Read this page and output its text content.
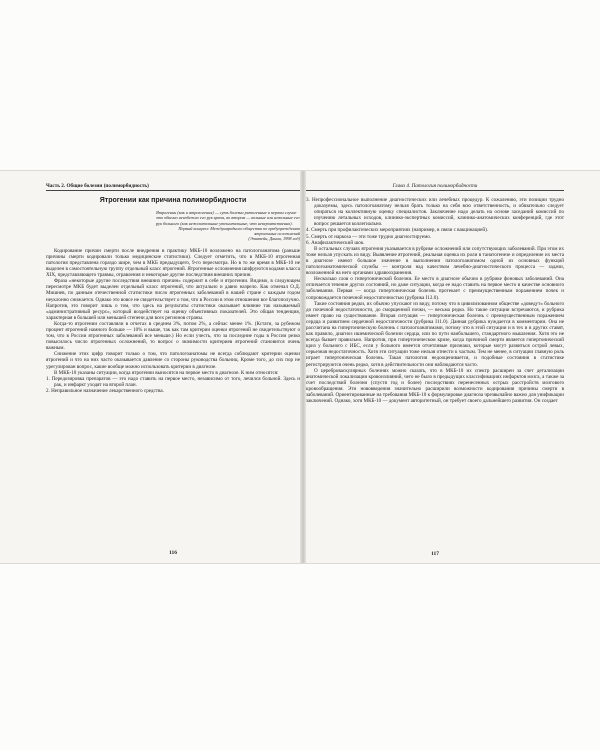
Часть 2. Общие болезни (полиморбидность)
Ятрогении как причина полиморбидности
Ятрогении (как и ятрологения) — суть болезни ритогенные в первом случае это обычно неизбежно его рук врача, во втором — вольные или невольные его рук больного (как нежелательные утешительные, что невероятственно).
Первый конгресс Международного общества по предупреждению ятрогенных осложнений
(Эпштейн, Дании, 1998 год)

Кодирование причин смерти после внедрения в практику МКБ-10 возложено на патологоанатома (раньше причины смерти кодировали только медицинские статистики). Следует отметить, что в МКБ-10 ятрогенная патология представлена гораздо шире, чем в МКБ предыдущего, 9-го пересмотра. Но в то же время в МКБ-10 не выделен в самостоятельную группу отдельный класс ятрогений. Ятрогенные осложнения шифруются кодами класса XIX, представляющего травмы, отравления и некоторые другие последствия внешних причин.

Фраза «некоторые другие последствия внешних причин» содержит в себе и ятрогении. Видимо, в следующем пересмотре МКБ будет выделен отдельный класс ятрогений, что актуально и давно назрело. Как отмечал О.Д. Мишнев, по данным отечественной статистики число ятрогенных заболеваний в нашей стране с каждым годом неуклонно снижается. Однако это вовсе не свидетельствует о том, что в России в этом отношении все благополучно. Напротив, это говорит лишь о том, что здесь на результаты статистики оказывает влияние так называемый «административный ресурс», который воздействует на оценку объективных показателей. Это общая тенденция, характерная в большей или меньшей степени для всех регионов страны.

Когда-то ятрогении составляли в отчетах в среднем 3%, потом 2%, а сейчас менее 1%. (Кстати, за рубежом процент ятрогений намного больше — 10% и выше, так как там критерии оценки ятрогений не свидетельствуют о том, что в России ятрогенных заболеваний все меньше.) Но если учесть, что за последние годы в России резко повысилось число ятрогенных осложнений, то вопрос о значимости критериев ятрогений становится очень важным.

Снижение этих цифр говорит только о том, что патологоанатомы не всегда соблюдают критерии оценки ятрогений и что на них часто оказывается давление со стороны руководства больниц. Кроме того, до сих пор не урегулирован вопрос, какие вообще можно использовать критерии в диагнозе.

В МКБ-10 указаны ситуации, когда ятрогении выносятся на первое место в диагнозе. К ним относятся:

1. Передозировка препаратов — это надо ставить на первое место, независимо от того, лечился больной. Здесь и рак, и инфаркт уходят на второй план.
2. Неправильное назначение лекарственного средства.
116
Глава 4. Патология полиморбидности
3. Непрофессиональное выполнение диагностических или лечебных процедур. К сожалению, эти позиции трудно доказуемы, здесь патологоанатому нельзя брать только на себя всю ответственность, и обязательно следует опираться на коллективную оценку специалистов. Заключение надо делать на основе заседаний комиссий по изучению летальных исходов, клинико-экспертных комиссий, клинико-анатомических конференций, где этот вопрос решается коллегиально.
4. Смерть при профилактических мероприятиях (например, в связи с вакцинацией).
5. Смерть от наркоза — эти тоже трудно диагностируемо.
6. Анафилактический шок.

В остальных случаях ятрогения указывается в рубрике осложнений или сопутствующих заболеваний. При этом их тоже нельзя упускать из виду. Выявление ятрогений, реальная оценка их роли в танатогенезе и определение их места в диагнозе имеют большое значение в выполнении патологоанатомом одной из основных функций патологоанатомической службы — контроля над качеством лечебно-диагностического процесса — задачи, возложенной на него органами здравоохранения.

Несколько слов о гипертонической болезни. Ее место в диагнозе обычно в рубрике фоновых заболеваний. Она отличается течение других состояний, но даже ситуации, когда ее надо ставить на первое место в качестве основного заболевания. Первая — когда гипертоническая болезнь протекает с преимущественным поражением почек и сопровождается почечной недостаточностью (рубрика I12.0).

Такие состояния редки, их обычно упускают из виду, потому что в цивилизованном обществе «доведут» больного до почечной недостаточности, до сморщенной почки, — весьма редко. Но такие ситуации встречаются, и рубрика имеет право на существование. Вторая ситуация — гипертоническая болезнь с преимущественным поражением сердца и развитием сердечной недостаточности (рубрика I11.0). Данная рубрика нуждается в комментарии. Она не рассчитана на гипертоническую болезнь с патологоанатомами, потому что в этой ситуации и в тех и в других ставят, как правило, диагноз ишемической болезни сердца, или по пути наибольшего, стандартного мышления. Хотя это не всегда бывает правильно. Напротив, при гипертоническом кризе, когда причиной смерти является гипертонический криз у больного с ИБС, если у больного имеется отчетливые признаки, которые могут развиться острой левых, серьезная недостаточность. Хотя эти ситуации тоже нельзя отнести к частым. Тем не менее, в ситуации главную роль играет гипертоническая болезнь. Такая патология недооценивается, и подобные состояния в статистике регистрируются очень редко, хотя в действительности они наблюдаются часто.

О цереброваскулярных болезнях можно сказать, что в МКБ-10 их спектр расширен за счет детализации анатомической локализации кровоизлияний, чего не было в предыдущих классификациях инфарктов мозга, а также за счет последствий болезни (спустя год и более) последствиях перенесенных острых расстройств мозгового кровообращения. Эти нововведения значительно расширили возможности кодирования причины смерти в заболеваний. Ориентированные на требования МКБ-10 к формулировке диагноза чрезвычайно важно для унификации заключений. Однако, хотя МКБ-10 — документ авторитетный, он требует своего дальнейшего развития. Он создает

117
